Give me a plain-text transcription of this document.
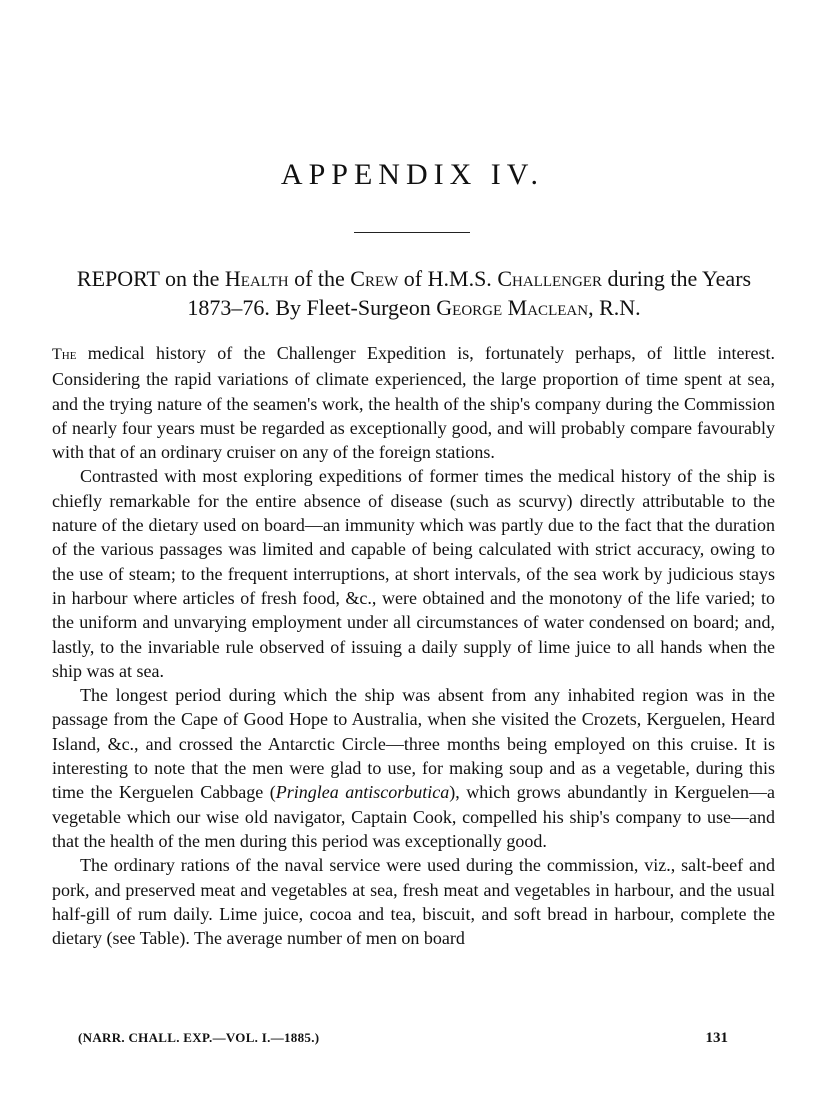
APPENDIX IV.
REPORT on the Health of the Crew of H.M.S. Challenger during the Years 1873–76. By Fleet-Surgeon George Maclean, R.N.

The medical history of the Challenger Expedition is, fortunately perhaps, of little interest. Considering the rapid variations of climate experienced, the large proportion of time spent at sea, and the trying nature of the seamen's work, the health of the ship's company during the Commission of nearly four years must be regarded as exceptionally good, and will probably compare favourably with that of an ordinary cruiser on any of the foreign stations.

Contrasted with most exploring expeditions of former times the medical history of the ship is chiefly remarkable for the entire absence of disease (such as scurvy) directly attributable to the nature of the dietary used on board—an immunity which was partly due to the fact that the duration of the various passages was limited and capable of being calculated with strict accuracy, owing to the use of steam; to the frequent interruptions, at short intervals, of the sea work by judicious stays in harbour where articles of fresh food, &c., were obtained and the monotony of the life varied; to the uniform and unvarying employment under all circumstances of water condensed on board; and, lastly, to the invariable rule observed of issuing a daily supply of lime juice to all hands when the ship was at sea.

The longest period during which the ship was absent from any inhabited region was in the passage from the Cape of Good Hope to Australia, when she visited the Crozets, Kerguelen, Heard Island, &c., and crossed the Antarctic Circle—three months being employed on this cruise. It is interesting to note that the men were glad to use, for making soup and as a vegetable, during this time the Kerguelen Cabbage (Pringlea antiscorbutica), which grows abundantly in Kerguelen—a vegetable which our wise old navigator, Captain Cook, compelled his ship's company to use—and that the health of the men during this period was exceptionally good.

The ordinary rations of the naval service were used during the commission, viz., salt-beef and pork, and preserved meat and vegetables at sea, fresh meat and vegetables in harbour, and the usual half-gill of rum daily. Lime juice, cocoa and tea, biscuit, and soft bread in harbour, complete the dietary (see Table). The average number of men on board

(NARR. CHALL. EXP.—VOL. I.—1885.)	131
